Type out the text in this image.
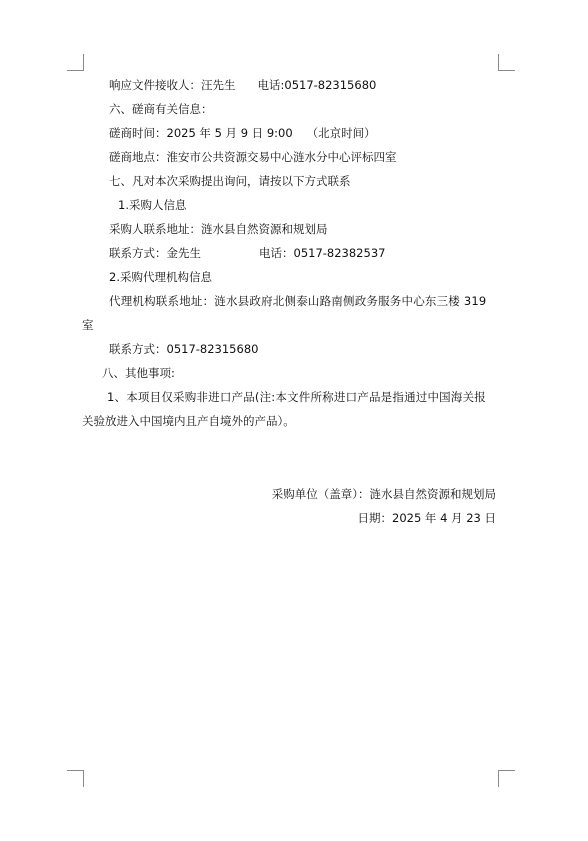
响应文件接收人：汪先生 电话:0517-82315680
六、磋商有关信息：
磋商时间：2025 年 5 月 9 日 9:00 （北京时间）
磋商地点：淮安市公共资源交易中心涟水分中心评标四室
七、凡对本次采购提出询问，请按以下方式联系
1.采购人信息
采购人联系地址：涟水县自然资源和规划局
联系方式：金先生	电话：0517-82382537
2.采购代理机构信息
代理机构联系地址：涟水县政府北侧泰山路南侧政务服务中心东三楼 319
室
联系方式：0517-82315680
八、其他事项:
1、本项目仅采购非进口产品(注:本文件所称进口产品是指通过中国海关报
关验放进入中国境内且产自境外的产品）。
采购单位（盖章）：涟水县自然资源和规划局
日期：2025 年 4 月 23 日
